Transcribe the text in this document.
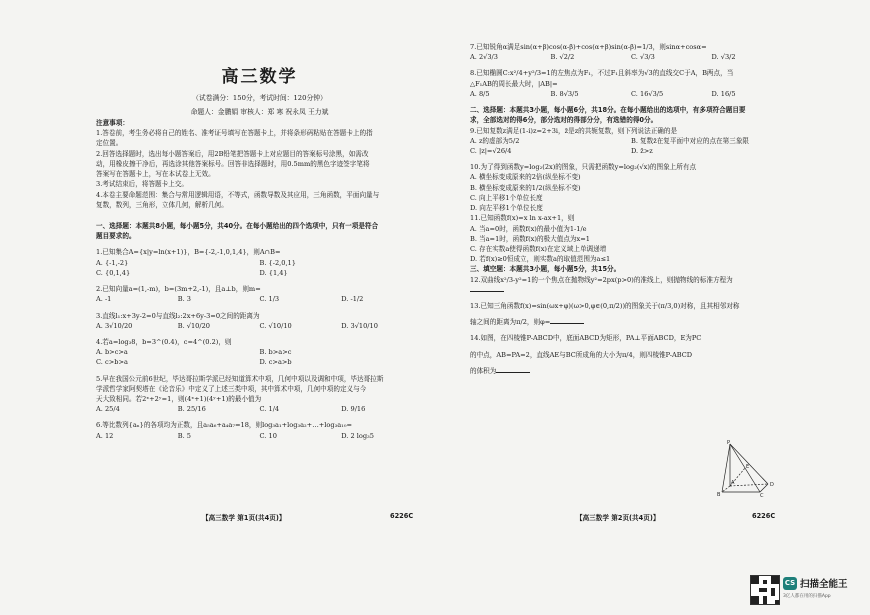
高三数学
（试卷满分：150分，考试时间：120分钟）
命题人：金鹏娟 审核人：郑 寒 祝永凤 王力斌
注意事项：
1.答卷前，考生务必将自己的姓名、准考证号填写在答题卡上，并将条形码粘贴在答题卡上的指
定位置。
2.回答选择题时，选出每小题答案后，用2B铅笔把答题卡上对应题目的答案标号涂黑，如需改
动，用橡皮擦干净后，再选涂其他答案标号。回答非选择题时，用0.5mm的黑色字迹签字笔将
答案写在答题卡上，写在本试卷上无效。
3.考试结束后，将答题卡上交。
4.本卷主要命题范围：集合与常用逻辑用语，不等式，函数导数及其应用，三角函数，平面向量与
复数，数列，三角形，立体几何，解析几何。
一、选择题：本题共8小题，每小题5分，共40分。在每小题给出的四个选项中，只有一项是符合
题目要求的。
1.已知集合A={x|y=ln(x+1)}，B={-2,-1,0,1,4}，则A∩B=
A. {-1,-2}	B. {-2,0,1}
C. {0,1,4}	D. {1,4}
2.已知向量a=(1,-m)，b=(3m+2,-1)，且a⊥b，则m=
A. -1	B. 3	C. 1/3	D. -1/2
3.直线l₁:x+3y-2=0与直线l₂:2x+6y-3=0之间的距离为
A. 3√10/20	B. √10/20	C. √10/10	D. 3√10/10
4.若a=log₃8，b=3^(0.4)，c=4^(0.2)，则
A. b>c>a	B. b>a>c
C. c>b>a	D. c>a>b
5.早在我国公元前6世纪，毕达哥拉斯学派已经知道算术中项，几何中项以及调和中项，毕达哥拉斯
学派哲学家阿契塔在《论音乐》中定义了上述三类中项，其中算术中项，几何中项的定义与今
天大致相同。若2ˣ+2ʸ=1，则(4ˣ+1)(4ʸ+1)的最小值为
A. 25/4	B. 25/16	C. 1/4	D. 9/16
6.等比数列{aₙ}的各项均为正数，且a₅a₆+a₄a₇=18，则log₃a₁+log₃a₂+…+log₃a₁₀=
A. 12	B. 5	C. 10	D. 2 log₃5
【高三数学 第1页(共4页)】	6226C
7.已知锐角α满足sin(α+β)cos(α-β)+cos(α+β)sin(α-β)=1/3，则sinα+cosα=
A. 2√3/3	B. √2/2	C. √3/3	D. √3/2
8.已知椭圆C:x²/4+y²/3=1的左焦点为F₁，不过F₁且斜率为√3的直线交C于A，B两点，当
△F₁AB的周长最大时，|AB|=
A. 8/5	B. 8√3/5	C. 16√3/5	D. 16/5
二、选择题：本题共3小题，每小题6分，共18分。在每小题给出的选项中，有多项符合题目要
求，全部选对的得6分，部分选对的得部分分，有选错的得0分。
9.已知复数z满足(1-i)z=2+3i，z̄是z的共轭复数，则下列说法正确的是
A. z的虚部为5/2	B. 复数z̄在复平面中对应的点在第三象限
C. |z|=√26/4	D. z̄>z
10.为了得到函数y=log₂(2x)的图象，只需把函数y=log₂(√x)的图象上所有点
A. 横坐标变成原来的2倍(纵坐标不变)
B. 横坐标变成原来的1/2(纵坐标不变)
C. 向上平移1个单位长度
D. 向左平移1个单位长度
11.已知函数f(x)=x ln x-ax+1，则
A. 当a=0时，函数f(x)的最小值为1-1/e
B. 当a=1时，函数f(x)的极大值点为x=1
C. 存在实数a使得函数f(x)在定义域上单调递增
D. 若f(x)≥0恒成立，则实数a的取值范围为a≤1
三、填空题：本题共3小题，每小题5分，共15分。
12.双曲线x²/3-y²=1的一个焦点在抛物线y²=2px(p>0)的准线上，则抛物线的标准方程为
13.已知三角函数f(x)=sin(ωx+φ)(ω>0,φ∈(0,π/2))的图象关于(π/3,0)对称，且其相邻对称
轴之间的距离为π/2，则φ=
14.如图，在四棱锥P-ABCD中，底面ABCD为矩形，PA⊥平面ABCD，E为PC
的中点，AB=PA=2，直线AE与BC所成角的大小为π/4，则四棱锥P-ABCD
的体积为
P
E
A
B	C
D
【高三数学 第2页(共4页)】	6226C
CS 扫描全能王
3亿人都在用的扫描App
